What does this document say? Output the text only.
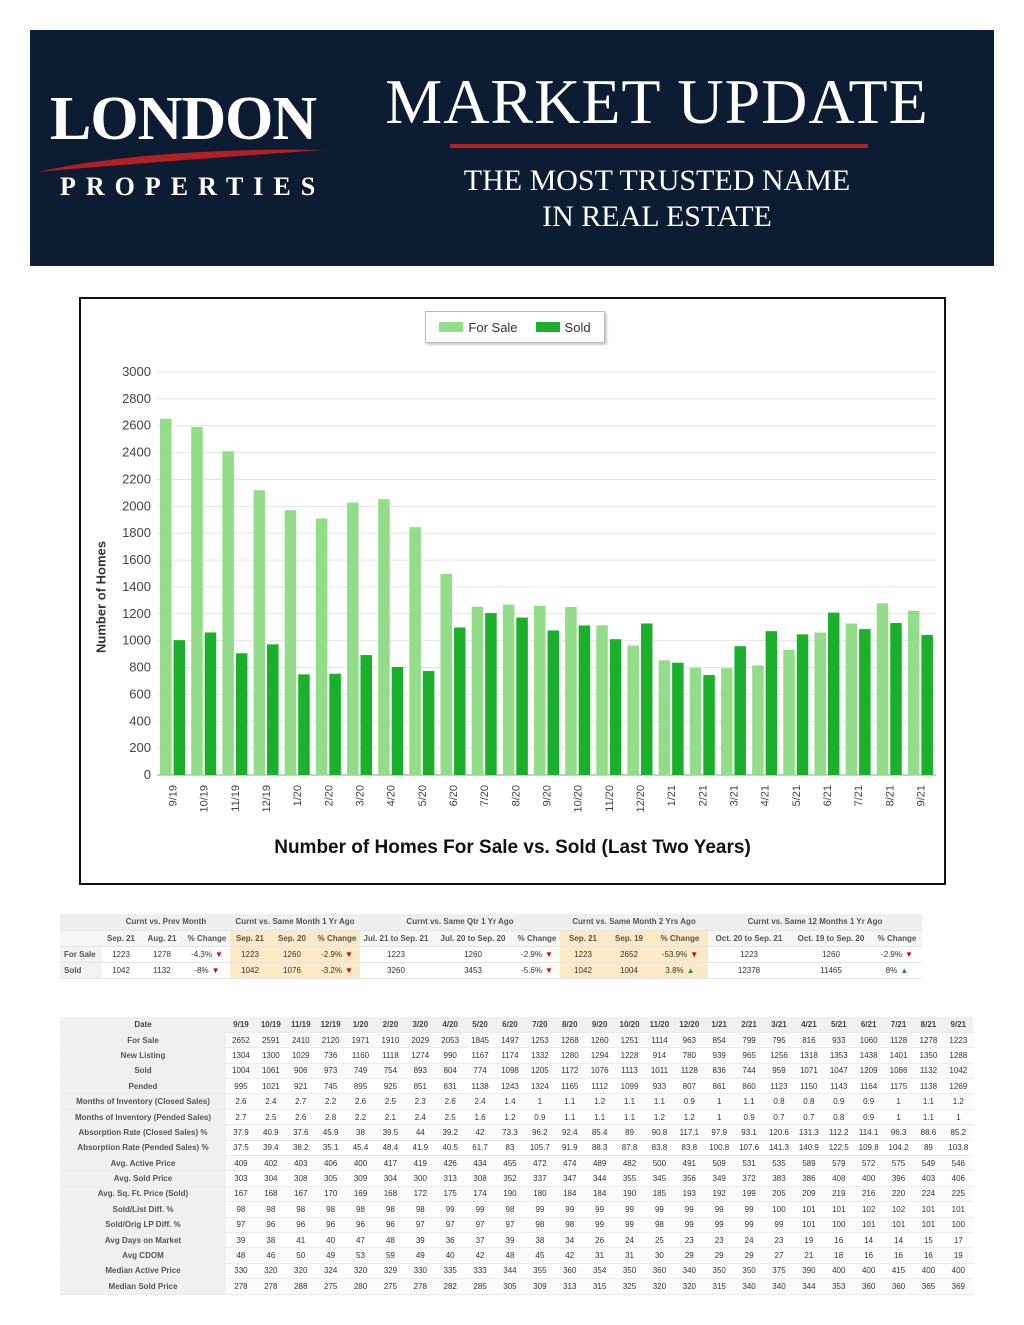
LONDON
PROPERTIES
MARKET UPDATE
THE MOST TRUSTED NAME
IN REAL ESTATE
0
200
400
600
800
1000
1200
1400
1600
1800
2000
2200
2400
2600
2800
3000
9/19 10/19 11/19 12/19 1/20 2/20 3/20 4/20 5/20 6/20 7/20 8/20 9/20 10/20 11/20 12/20 1/21 2/21 3/21 4/21 5/21 6/21 7/21 8/21 9/21
For Sale	Sold
Number of Homes
Number of Homes For Sale vs. Sold (Last Two Years)
	Curnt vs. Prev Month			Curnt vs. Same Month 1 Yr Ago			Curnt vs. Same Qtr 1 Yr Ago			Curnt vs. Same Month 2 Yrs Ago			Curnt vs. Same 12 Months 1 Yr Ago		
	Sep. 21	Aug. 21	% Change	Sep. 21	Sep. 20	% Change	Jul. 21 to Sep. 21	Jul. 20 to Sep. 20	% Change	Sep. 21	Sep. 19	% Change	Oct. 20 to Sep. 21	Oct. 19 to Sep. 20	% Change
For Sale	1223	1278	-4.3% ▼	1223	1260	-2.9% ▼	1223	1260	-2.9% ▼	1223	2652	-53.9% ▼	1223	1260	-2.9% ▼
Sold	1042	1132	-8% ▼	1042	1076	-3.2% ▼	3260	3453	-5.6% ▼	1042	1004	3.8% ▲	12378	11465	8% ▲
Date	9/19	10/19	11/19	12/19	1/20	2/20	3/20	4/20	5/20	6/20	7/20	8/20	9/20	10/20	11/20	12/20	1/21	2/21	3/21	4/21	5/21	6/21	7/21	8/21	9/21
For Sale	2652	2591	2410	2120	1971	1910	2029	2053	1845	1497	1253	1268	1260	1251	1114	963	854	799	795	816	933	1060	1128	1278	1223
New Listing	1304	1300	1029	736	1160	1118	1274	990	1167	1174	1332	1280	1294	1228	914	780	939	965	1256	1318	1353	1438	1401	1350	1288
Sold	1004	1061	906	973	749	754	893	804	774	1098	1205	1172	1076	1113	1011	1128	836	744	959	1071	1047	1209	1086	1132	1042
Pended	995	1021	921	745	895	925	851	831	1138	1243	1324	1165	1112	1099	933	807	861	860	1123	1150	1143	1164	1175	1138	1269
Months of Inventory (Closed Sales)	2.6	2.4	2.7	2.2	2.6	2.5	2.3	2.6	2.4	1.4	1	1.1	1.2	1.1	1.1	0.9	1	1.1	0.8	0.8	0.9	0.9	1	1.1	1.2
Months of Inventory (Pended Sales)	2.7	2.5	2.6	2.8	2.2	2.1	2.4	2.5	1.6	1.2	0.9	1.1	1.1	1.1	1.2	1.2	1	0.9	0.7	0.7	0.8	0.9	1	1.1	1
Absorption Rate (Closed Sales) %	37.9	40.9	37.6	45.9	38	39.5	44	39.2	42	73.3	96.2	92.4	85.4	89	90.8	117.1	97.9	93.1	120.6	131.3	112.2	114.1	96.3	88.6	85.2
Absorption Rate (Pended Sales) %	37.5	39.4	38.2	35.1	45.4	48.4	41.9	40.5	61.7	83	105.7	91.9	88.3	87.8	83.8	83.8	100.8	107.6	141.3	140.9	122.5	109.8	104.2	89	103.8
Avg. Active Price	409	402	403	406	400	417	419	426	434	455	472	474	489	482	500	491	509	531	535	589	579	572	575	549	546
Avg. Sold Price	303	304	308	305	309	304	300	313	308	352	337	347	344	355	345	356	349	372	383	386	408	400	396	403	406
Avg. Sq. Ft. Price (Sold)	167	168	167	170	169	168	172	175	174	190	180	184	184	190	185	193	192	199	205	209	219	216	220	224	225
Sold/List Diff. %	98	98	98	98	98	98	98	99	99	98	99	99	99	99	99	99	99	99	100	101	101	102	102	101	101
Sold/Orig LP Diff. %	97	96	96	96	96	96	97	97	97	97	98	98	99	99	98	99	99	99	99	101	100	101	101	101	100
Avg Days on Market	39	38	41	40	47	48	39	36	37	39	38	34	26	24	25	23	23	24	23	19	16	14	14	15	17
Avg CDOM	48	46	50	49	53	59	49	40	42	48	45	42	31	31	30	29	29	29	27	21	18	16	16	16	19
Median Active Price	330	320	320	324	320	329	330	335	333	344	355	360	354	350	360	340	350	350	375	390	400	400	415	400	400
Median Sold Price	278	278	288	275	280	275	278	282	285	305	309	313	315	325	320	320	315	340	340	344	353	360	360	365	369
